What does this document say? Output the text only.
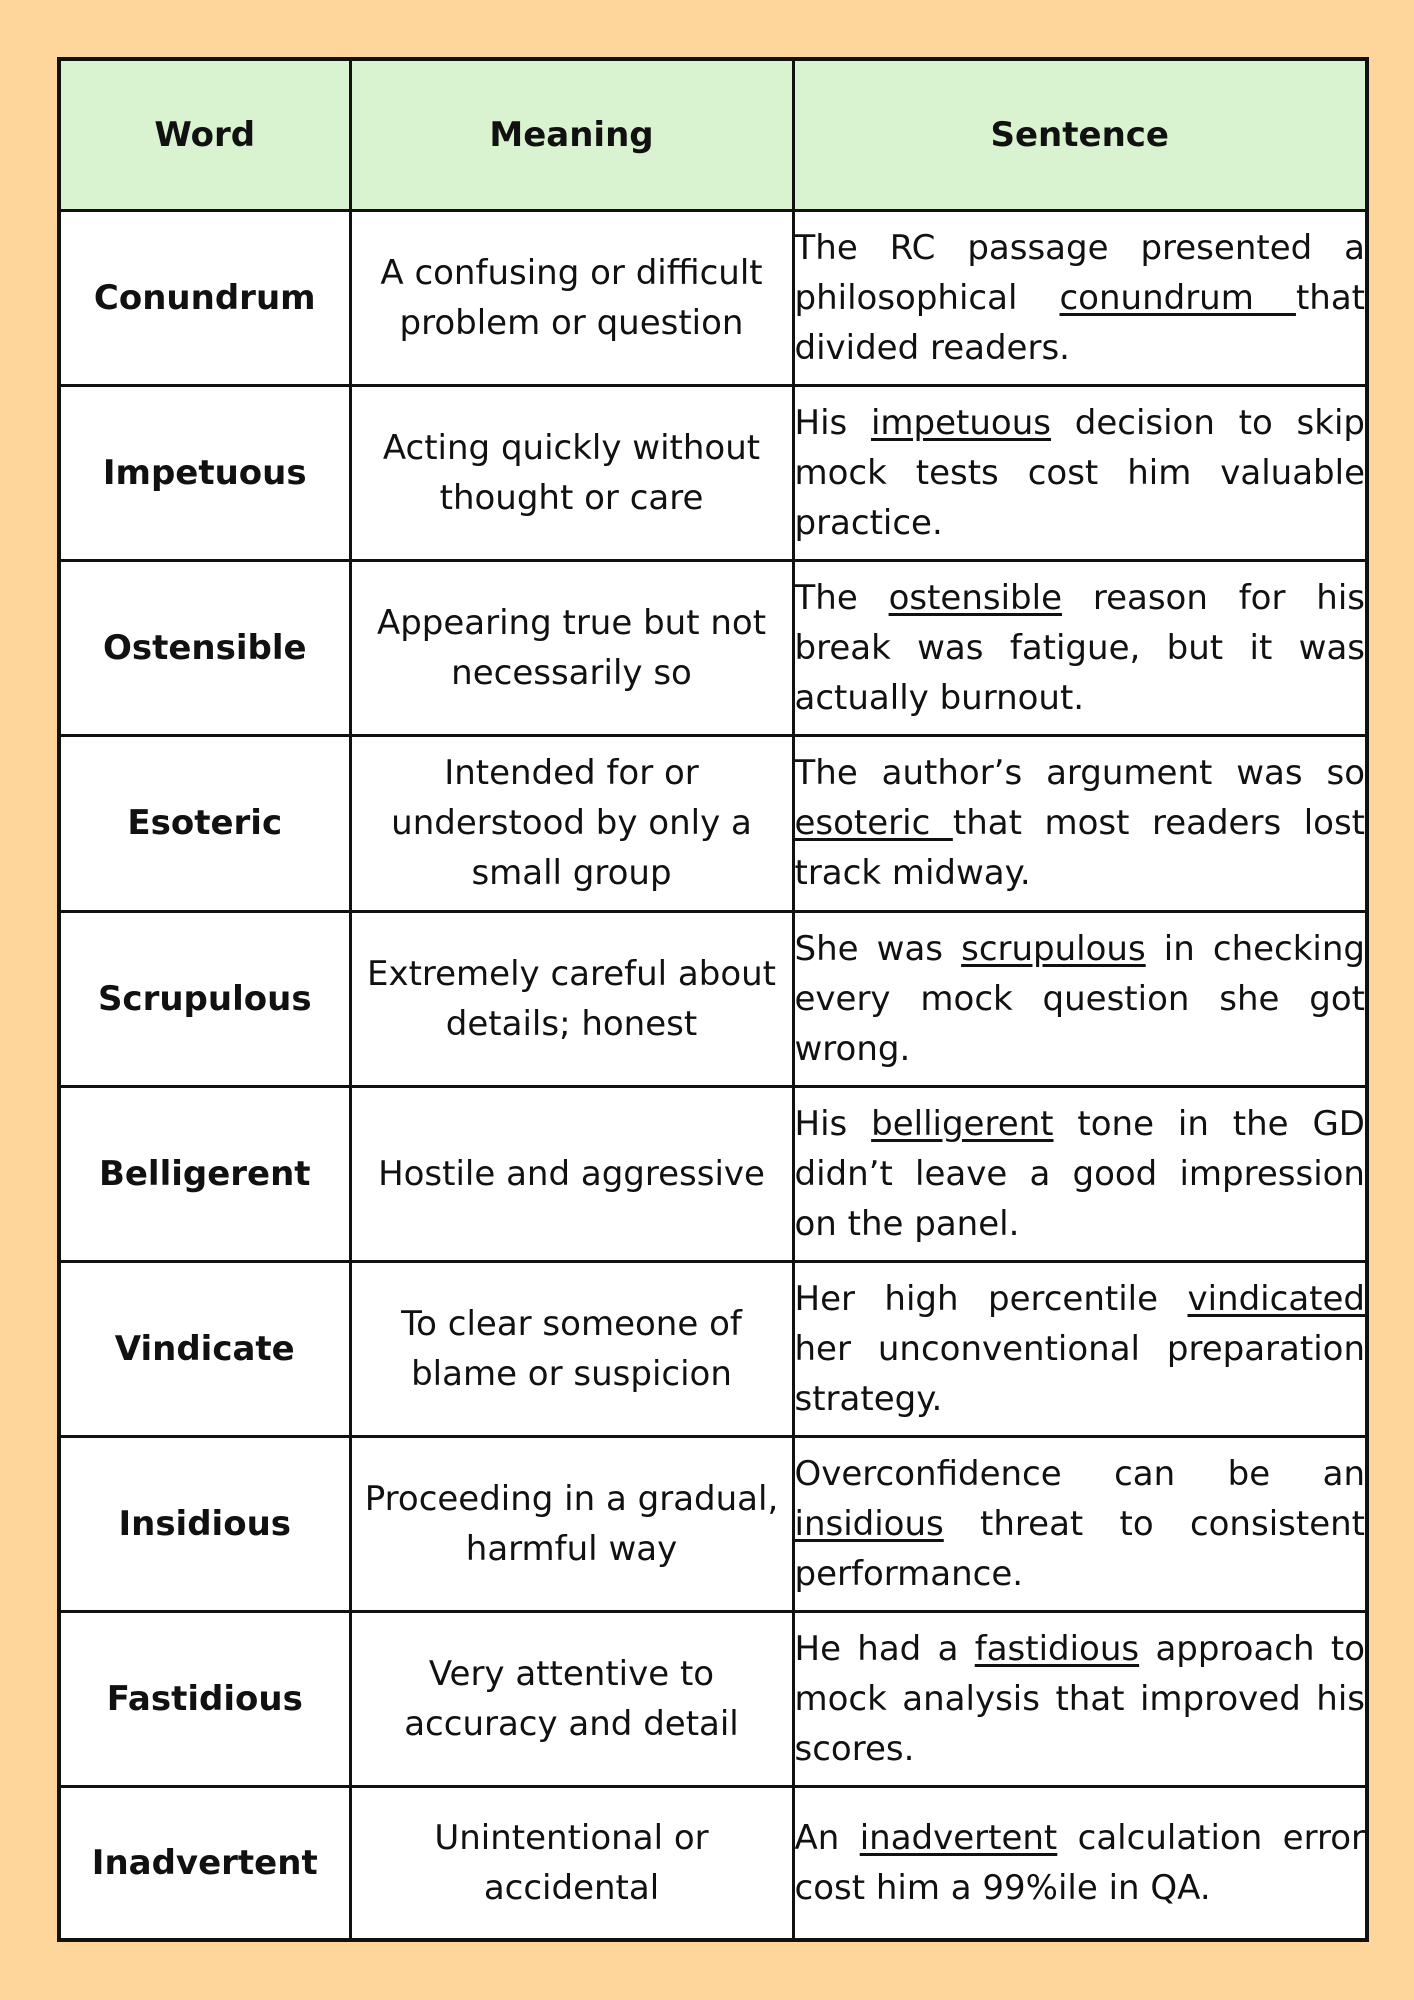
Word	Meaning	Sentence
Conundrum	A confusing or difficult problem or question	The RC passage presented a philosophical conundrum that divided readers.
Impetuous	Acting quickly without thought or care	His impetuous decision to skip mock tests cost him valuable practice.
Ostensible	Appearing true but not necessarily so	The ostensible reason for his break was fatigue, but it was actually burnout.
Esoteric	Intended for or understood by only a small group	The author’s argument was so esoteric that most readers lost track midway.
Scrupulous	Extremely careful about details; honest	She was scrupulous in checking every mock question she got wrong.
Belligerent	Hostile and aggressive	His belligerent tone in the GD didn’t leave a good impression on the panel.
Vindicate	To clear someone of blame or suspicion	Her high percentile vindicated her unconventional preparation strategy.
Insidious	Proceeding in a gradual, harmful way	Overconfidence can be an insidious threat to consistent performance.
Fastidious	Very attentive to accuracy and detail	He had a fastidious approach to mock analysis that improved his scores.
Inadvertent	Unintentional or accidental	An inadvertent calculation error cost him a 99%ile in QA.
